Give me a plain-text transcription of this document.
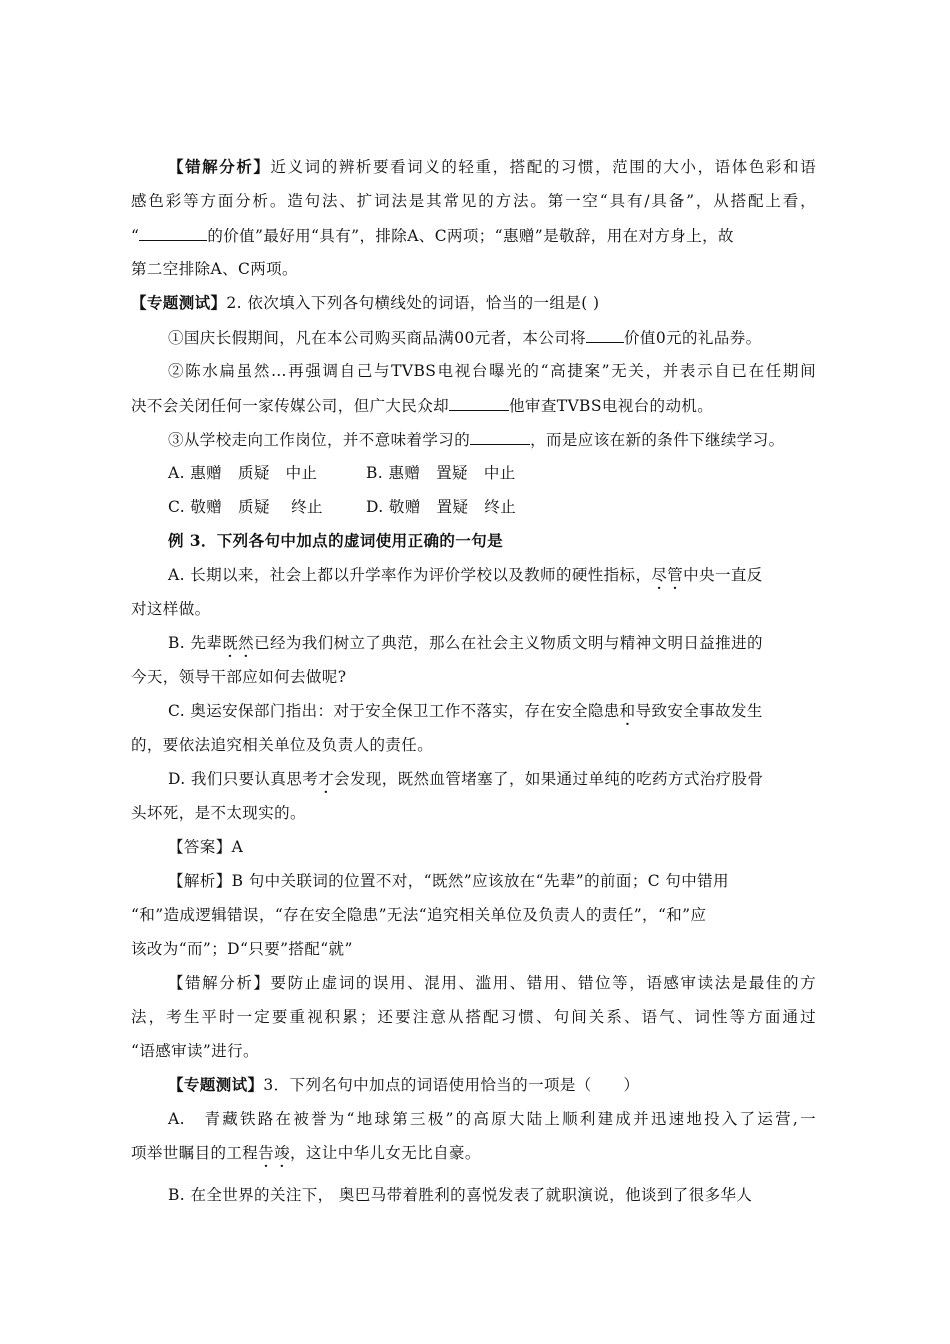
【错解分析】近义词的辨析要看词义的轻重，搭配的习惯，范围的大小，语体色彩和语
感色彩等方面分析。造句法、扩词法是其常见的方法。第一空“具有/具备”，从搭配上看，
“	的价值”最好用“具有”，排除A、C两项；“惠赠”是敬辞，用在对方身上，故
第二空排除A、C两项。
【专题测试】2. 依次填入下列各句横线处的词语，恰当的一组是( )
①国庆长假期间，凡在本公司购买商品满00元者，本公司将 价值0元的礼品券。
②陈水扁虽然…再强调自己与TVBS电视台曝光的“高捷案”无关，并表示自已在任期间
决不会关闭任何一家传媒公司，但广大民众却	他审查TVBS电视台的动机。
③从学校走向工作岗位，并不意味着学习的	，而是应该在新的条件下继续学习。
A. 惠赠　质疑　中止	B. 惠赠　置疑　中止
C. 敬赠　质疑　 终止	D. 敬赠　置疑　终止
例 3．下列各句中加点的虚词使用正确的一句是
A. 长期以来，社会上都以升学率作为评价学校以及教师的硬性指标，尽管中央一直反
对这样做。
B. 先辈既然已经为我们树立了典范，那么在社会主义物质文明与精神文明日益推进的
今天，领导干部应如何去做呢?
C. 奥运安保部门指出：对于安全保卫工作不落实，存在安全隐患和导致安全事故发生
的，要依法追究相关单位及负责人的责任。
D. 我们只要认真思考才会发现，既然血管堵塞了，如果通过单纯的吃药方式治疗股骨
头坏死，是不太现实的。
【答案】A
【解析】B 句中关联词的位置不对，“既然”应该放在“先辈”的前面；C 句中错用
“和”造成逻辑错误，“存在安全隐患”无法“追究相关单位及负责人的责任”，“和”应
该改为“而”；D“只要”搭配“就”
【错解分析】要防止虚词的误用、混用、滥用、错用、错位等，语感审读法是最佳的方
法，考生平时一定要重视积累；还要注意从搭配习惯、句间关系、语气、词性等方面通过
“语感审读”进行。
【专题测试】3．下列名句中加点的词语使用恰当的一项是（　　）
A.　青藏铁路在被誉为“地球第三极”的高原大陆上顺利建成并迅速地投入了运营,一
项举世瞩目的工程告竣，这让中华儿女无比自豪。
B. 在全世界的关注下， 奥巴马带着胜利的喜悦发表了就职演说，他谈到了很多华人
